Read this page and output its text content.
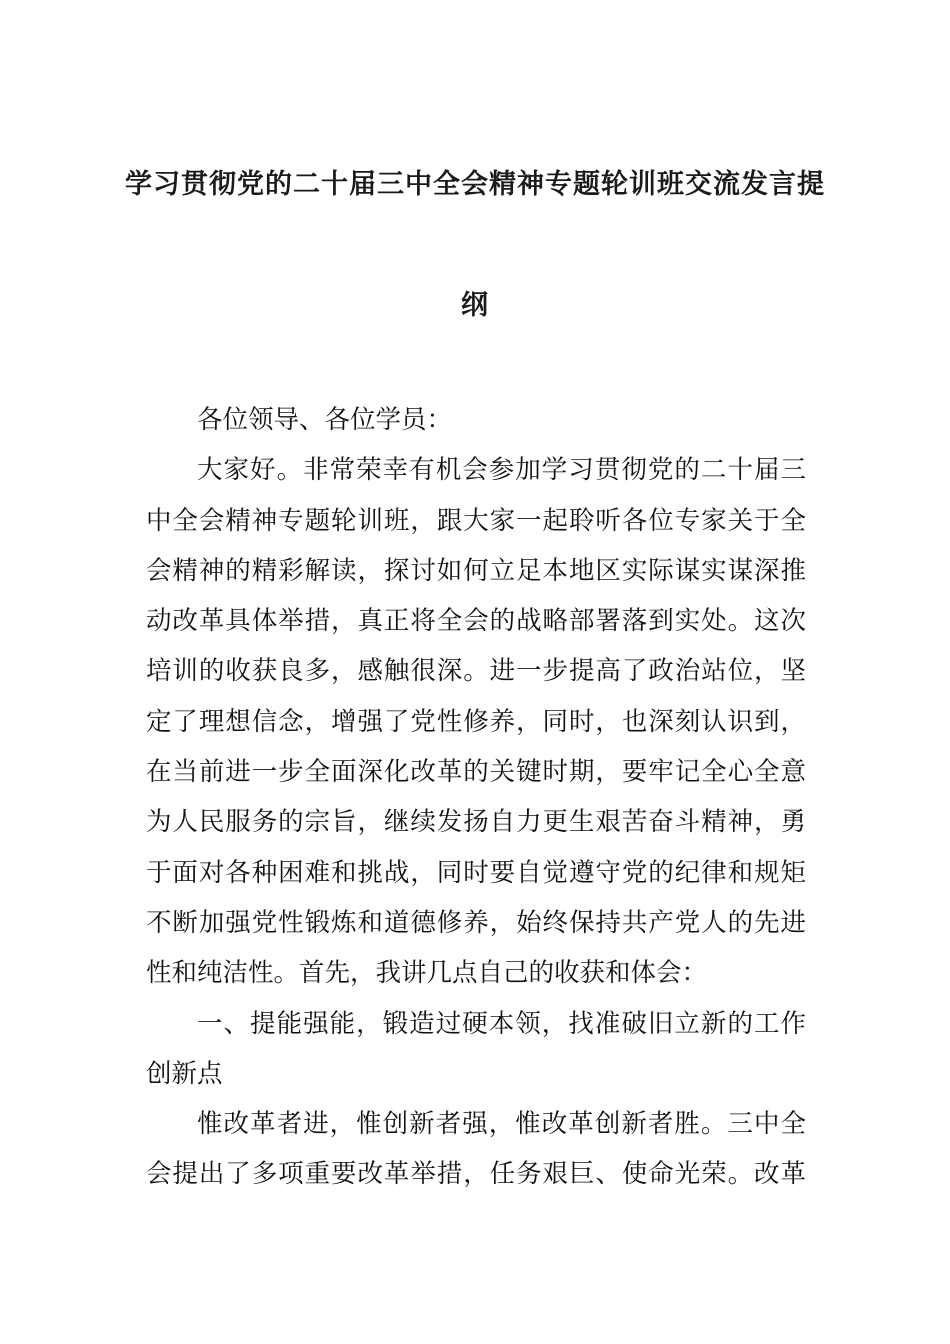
学习贯彻党的二十届三中全会精神专题轮训班交流发言提
纲
各位领导、各位学员：
大家好。非常荣幸有机会参加学习贯彻党的二十届三
中全会精神专题轮训班，跟大家一起聆听各位专家关于全
会精神的精彩解读，探讨如何立足本地区实际谋实谋深推
动改革具体举措，真正将全会的战略部署落到实处。这次
培训的收获良多，感触很深。进一步提高了政治站位，坚
定了理想信念，增强了党性修养，同时，也深刻认识到，
在当前进一步全面深化改革的关键时期，要牢记全心全意
为人民服务的宗旨，继续发扬自力更生艰苦奋斗精神，勇
于面对各种困难和挑战，同时要自觉遵守党的纪律和规矩
不断加强党性锻炼和道德修养，始终保持共产党人的先进
性和纯洁性。首先，我讲几点自己的收获和体会：
一、提能强能，锻造过硬本领，找准破旧立新的工作
创新点
惟改革者进，惟创新者强，惟改革创新者胜。三中全
会提出了多项重要改革举措，任务艰巨、使命光荣。改革
